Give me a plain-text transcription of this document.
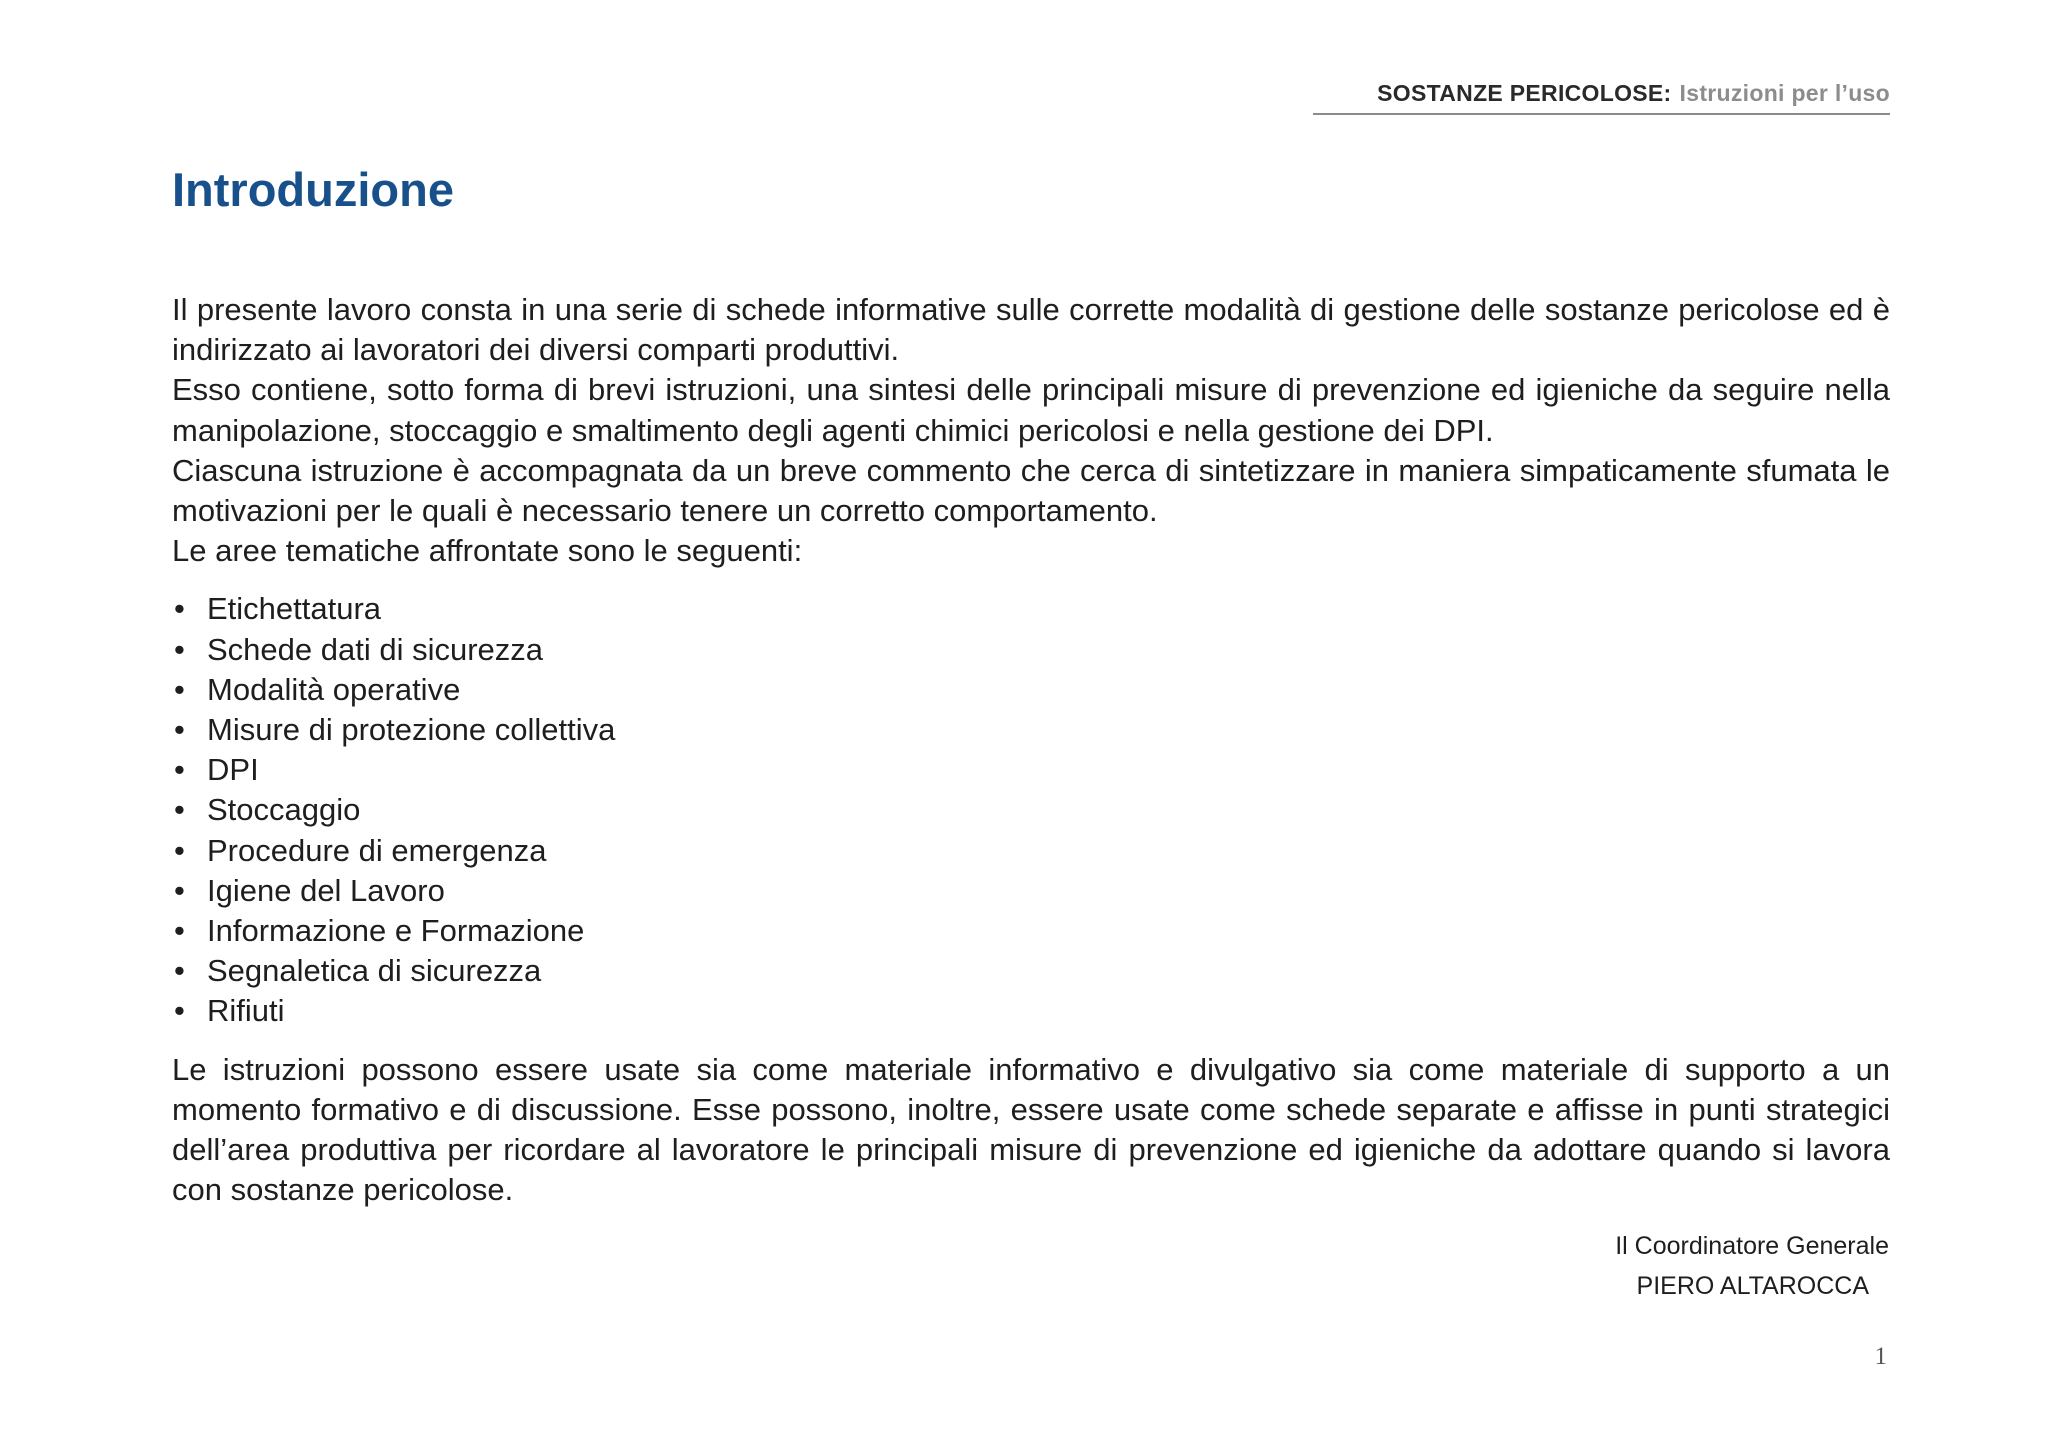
SOSTANZE PERICOLOSE: Istruzioni per l’uso
Introduzione

Il presente lavoro consta in una serie di schede informative sulle corrette modalità di gestione delle sostanze pericolose ed è indirizzato ai lavoratori dei diversi comparti produttivi.

Esso contiene, sotto forma di brevi istruzioni, una sintesi delle principali misure di prevenzione ed igieniche da seguire nella manipolazione, stoccaggio e smaltimento degli agenti chimici pericolosi e nella gestione dei DPI.

Ciascuna istruzione è accompagnata da un breve commento che cerca di sintetizzare in maniera simpaticamente sfumata le motivazioni per le quali è necessario tenere un corretto comportamento.

Le aree tematiche affrontate sono le seguenti:

• Etichettatura
• Schede dati di sicurezza
• Modalità operative
• Misure di protezione collettiva
• DPI
• Stoccaggio
• Procedure di emergenza
• Igiene del Lavoro
• Informazione e Formazione
• Segnaletica di sicurezza
• Rifiuti

Le istruzioni possono essere usate sia come materiale informativo e divulgativo sia come materiale di supporto a un momento formativo e di discussione. Esse possono, inoltre, essere usate come schede separate e affisse in punti strategici dell’area produttiva per ricordare al lavoratore le principali misure di prevenzione ed igieniche da adottare quando si lavora con sostanze pericolose.

Il Coordinatore Generale
PIERO ALTAROCCA
1
